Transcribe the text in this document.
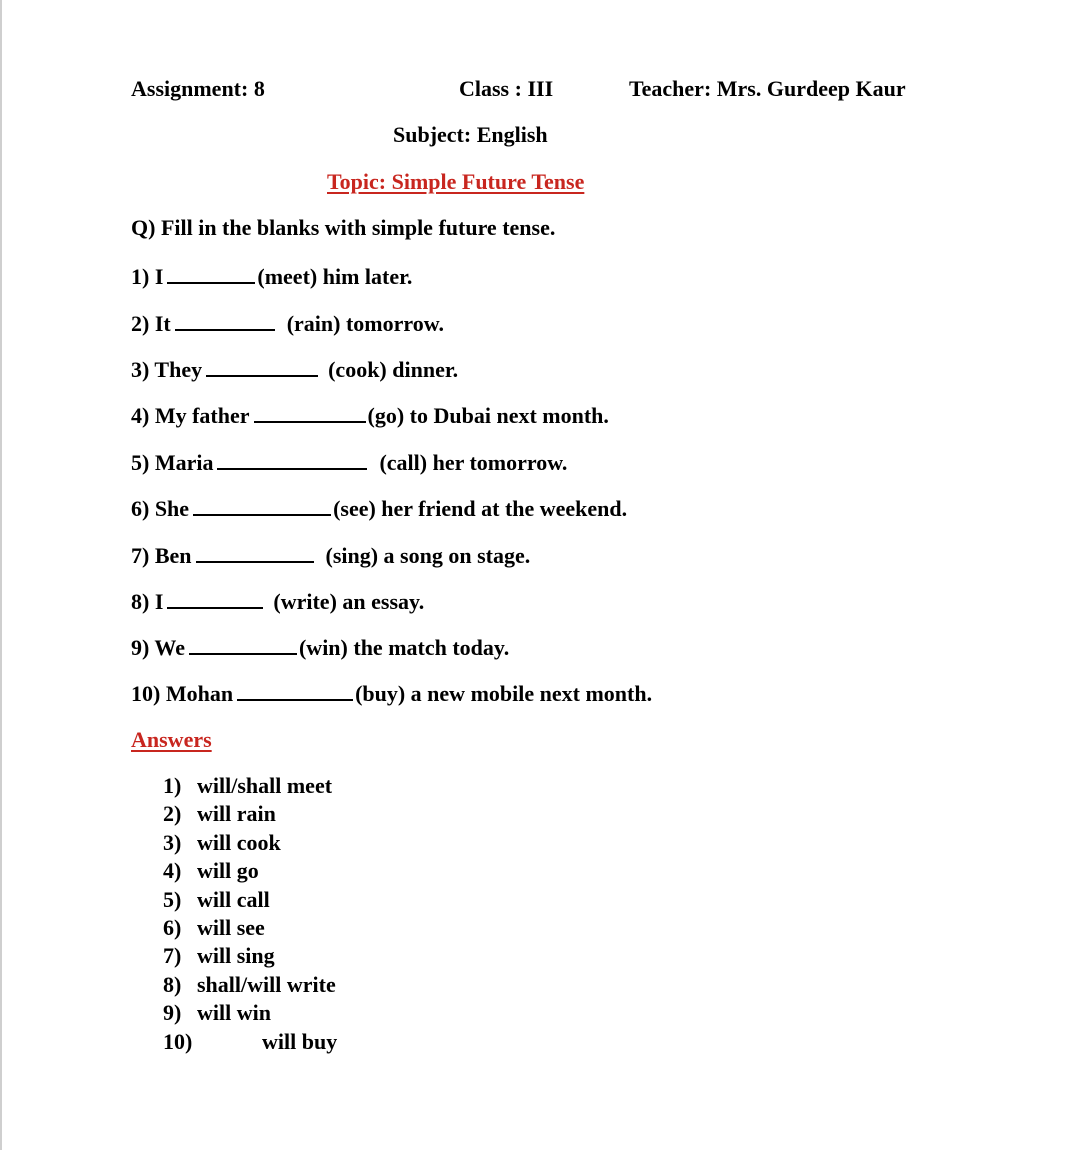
Assignment: 8	Class : III	Teacher: Mrs. Gurdeep Kaur
Subject: English
Topic: Simple Future Tense
Q) Fill in the blanks with simple future tense.
1) I	(meet) him later.
2) It	(rain) tomorrow.
3) They	(cook) dinner.
4) My father	(go) to Dubai next month.
5) Maria	(call) her tomorrow.
6) She	(see) her friend at the weekend.
7) Ben	(sing) a song on stage.
8) I	(write) an essay.
9) We	(win) the match today.
10) Mohan	(buy) a new mobile next month.
Answers
1) will/shall meet
2) will rain
3) will cook
4) will go
5) will call
6) will see
7) will sing
8) shall/will write
9) will win
10)	will buy
